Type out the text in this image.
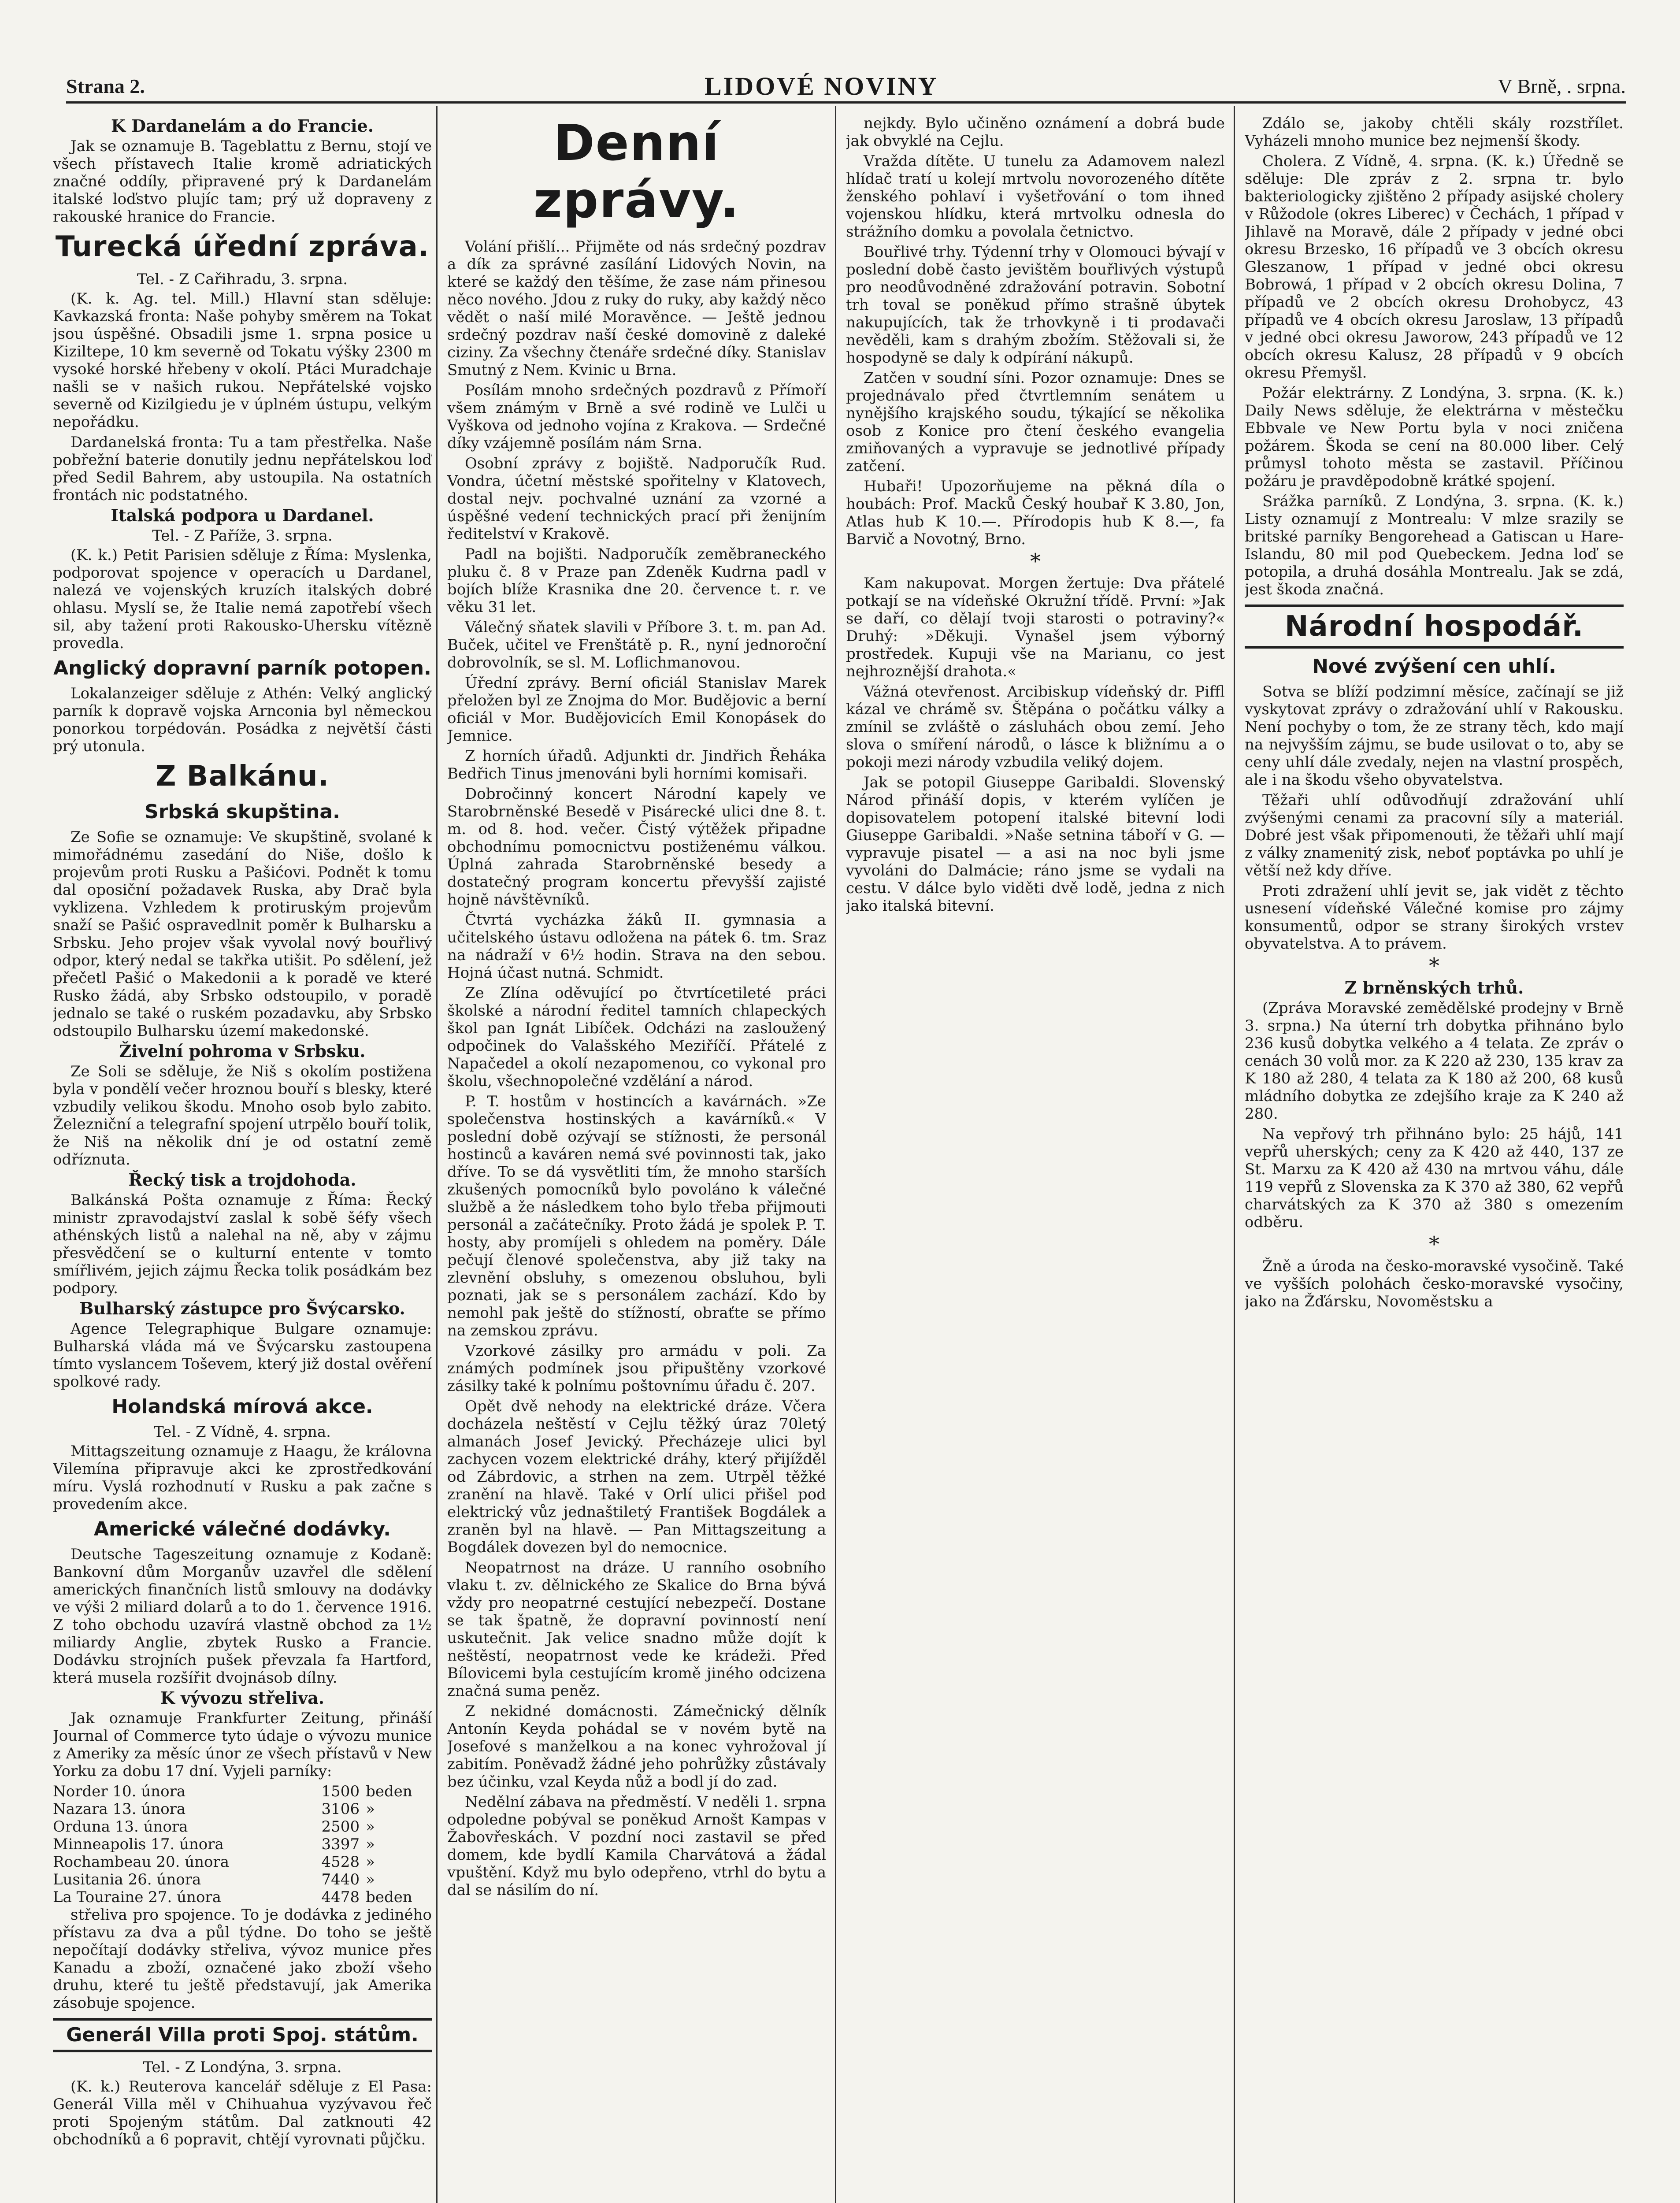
Strana 2.	LIDOVÉ NOVINY	V Brně, . srpna.
K Dardanelám a do Francie.

Jak se oznamuje B. Tageblattu z Bernu, stojí ve všech přístavech Italie kromě adriatických značné oddíly, připravené prý k Dardanelám italské loďstvo plujíc tam; prý už dopraveny z rakouské hranice do Francie.

Turecká úřední zpráva.
Tel. - Z Cařihradu, 3. srpna.

(K. k. Ag. tel. Mill.) Hlavní stan sděluje: Kavkazská fronta: Naše pohyby směrem na Tokat jsou úspěšné. Obsadili jsme 1. srpna posice u Kiziltepe, 10 km severně od Tokatu výšky 2300 m vysoké horské hřebeny v okolí. Ptáci Muradchaje našli se v našich rukou. Nepřátelské vojsko severně od Kizilgiedu je v úplném ústupu, velkým nepořádku.

Dardanelská fronta: Tu a tam přestřelka. Naše pobřežní baterie donutily jednu nepřátelskou loď před Sedil Bahrem, aby ustoupila. Na ostatních frontách nic podstatného.

Italská podpora u Dardanel.
Tel. - Z Paříže, 3. srpna.

(K. k.) Petit Parisien sděluje z Říma: Myslenka, podporovat spojence v operacích u Dardanel, nalezá ve vojenských kruzích italských dobré ohlasu. Myslí se, že Italie nemá zapotřebí všech sil, aby tažení proti Rakousko-Uhersku vítězně provedla.

Anglický dopravní parník potopen.

Lokalanzeiger sděluje z Athén: Velký anglický parník k dopravě vojska Arnconia byl německou ponorkou torpédován. Posádka z největší části prý utonula.

Z Balkánu.
Srbská skupština.

Ze Sofie se oznamuje: Ve skupštině, svolané k mimořádnému zasedání do Niše, došlo k projevům proti Rusku a Pašićovi. Podnět k tomu dal oposiční požadavek Ruska, aby Drač byla vyklizena. Vzhledem k protiruským projevům snaží se Pašić ospravedlnit poměr k Bulharsku a Srbsku. Jeho projev však vyvolal nový bouřlivý odpor, který nedal se takřka utišit. Po sdělení, jež přečetl Pašić o Makedonii a k poradě ve které Rusko žádá, aby Srbsko odstoupilo, v poradě jednalo se také o ruském pozadavku, aby Srbsko odstoupilo Bulharsku území makedonské.

Živelní pohroma v Srbsku.

Ze Soli se sděluje, že Niš s okolím postižena byla v pondělí večer hroznou bouří s blesky, které vzbudily velikou škodu. Mnoho osob bylo zabito. Železniční a telegrafní spojení utrpělo bouří tolik, že Niš na několik dní je od ostatní země odříznuta.

Řecký tisk a trojdohoda.

Balkánská Pošta oznamuje z Říma: Řecký ministr zpravodajství zaslal k sobě šéfy všech athénských listů a nalehal na ně, aby v zájmu přesvědčení se o kulturní entente v tomto smířlivém, jejich zájmu Řecka tolik posádkám bez podpory.

Bulharský zástupce pro Švýcarsko.

Agence Telegraphique Bulgare oznamuje: Bulharská vláda má ve Švýcarsku zastoupena tímto vyslancem Toševem, který již dostal ověření spolkové rady.

Holandská mírová akce.
Tel. - Z Vídně, 4. srpna.

Mittagszeitung oznamuje z Haagu, že královna Vilemína připravuje akci ke zprostředkování míru. Vyslá rozhodnutí v Rusku a pak začne s provedením akce.

Americké válečné dodávky.

Deutsche Tageszeitung oznamuje z Kodaně: Bankovní dům Morganův uzavřel dle sdělení amerických finančních listů smlouvy na dodávky ve výši 2 miliard dolarů a to do 1. července 1916. Z toho obchodu uzavírá vlastně obchod za 1½ miliardy Anglie, zbytek Rusko a Francie. Dodávku strojních pušek převzala fa Hartford, která musela rozšířit dvojnásob dílny.

K vývozu střeliva.

Jak oznamuje Frankfurter Zeitung, přináší Journal of Commerce tyto údaje o vývozu munice z Ameriky za měsíc únor ze všech přístavů v New Yorku za dobu 17 dní. Vyjeli parníky:

Norder 10. února	1500	beden
Nazara 13. února	3106	»
Orduna 13. února	2500	»
Minneapolis 17. února	3397	»
Rochambeau 20. února	4528	»
Lusitania 26. února	7440	»
La Touraine 27. února	4478	beden

střeliva pro spojence. To je dodávka z jediného přístavu za dva a půl týdne. Do toho se ještě nepočítají dodávky střeliva, vývoz munice přes Kanadu a zboží, označené jako zboží všeho druhu, které tu ještě představují, jak Amerika zásobuje spojence.

Generál Villa proti Spoj. státům.
Tel. - Z Londýna, 3. srpna.

(K. k.) Reuterova kancelář sděluje z El Pasa: Generál Villa měl v Chihuahua vyzývavou řeč proti Spojeným státům. Dal zatknouti 42 obchodníků a 6 popravit, chtějí vyrovnati půjčku.

Denní zprávy.

Volání přišlí... Přijměte od nás srdečný pozdrav a dík za správné zasílání Lidových Novin, na které se každý den těšíme, že zase nám přinesou něco nového. Jdou z ruky do ruky, aby každý něco vědět o naší milé Moravěnce. — Ještě jednou srdečný pozdrav naší české domovině z daleké ciziny. Za všechny čtenáře srdečné díky. Stanislav Smutný z Nem. Kvinic u Brna.

Posílám mnoho srdečných pozdravů z Přímoří všem známým v Brně a své rodině ve Lulči u Vyškova od jednoho vojína z Krakova. — Srdečné díky vzájemně posílám nám Srna.

Osobní zprávy z bojiště. Nadporučík Rud. Vondra, účetní městské spořitelny v Klatovech, dostal nejv. pochvalné uznání za vzorné a úspěšné vedení technických prací při ženijním ředitelství v Krakově.

Padl na bojišti. Nadporučík zeměbraneckého pluku č. 8 v Praze pan Zdeněk Kudrna padl v bojích blíže Krasnika dne 20. července t. r. ve věku 31 let.

Válečný sňatek slavili v Příbore 3. t. m. pan Ad. Buček, učitel ve Frenštátě p. R., nyní jednoroční dobrovolník, se sl. M. Loflichmanovou.

Úřední zprávy. Berní oficiál Stanislav Marek přeložen byl ze Znojma do Mor. Budějovic a berní oficiál v Mor. Budějovicích Emil Konopásek do Jemnice.

Z horních úřadů. Adjunkti dr. Jindřich Řeháka Bedřich Tinus jmenováni byli horními komisaři.

Dobročinný koncert Národní kapely ve Starobrněnské Besedě v Pisárecké ulici dne 8. t. m. od 8. hod. večer. Čistý výtěžek připadne obchodnímu pomocnictvu postiženému válkou. Úplná zahrada Starobrněnské besedy a dostatečný program koncertu převyšší zajisté hojně návštěvníků.

Čtvrtá vycházka žáků II. gymnasia a učitelského ústavu odložena na pátek 6. tm. Sraz na nádraží v 6½ hodin. Strava na den sebou. Hojná účast nutná. Schmidt.

Ze Zlína oděvující po čtvrtícetileté práci školské a národní ředitel tamních chlapeckých škol pan Ignát Libíček. Odcházi na zasloužený odpočinek do Valašského Meziříčí. Přátelé z Napačedel a okolí nezapomenou, co vykonal pro školu, všechnopolečné vzdělání a národ.

P. T. hostům v hostincích a kavárnách. »Ze společenstva hostinských a kavárníků.« V poslední době ozývají se stížnosti, že personál hostinců a kaváren nemá své povinnosti tak, jako dříve. To se dá vysvětliti tím, že mnoho starších zkušených pomocníků bylo povoláno k válečné službě a že následkem toho bylo třeba přijmouti personál a začátečníky. Proto žádá je spolek P. T. hosty, aby promíjeli s ohledem na poměry. Dále pečují členové společenstva, aby již taky na zlevnění obsluhy, s omezenou obsluhou, byli poznati, jak se s personálem zachází. Kdo by nemohl pak ještě do stížností, obraťte se přímo na zemskou zprávu.

Vzorkové zásilky pro armádu v poli. Za známých podmínek jsou připuštěny vzorkové zásilky také k polnímu poštovnímu úřadu č. 207.

Opět dvě nehody na elektrické dráze. Včera docházela neštěstí v Cejlu těžký úraz 70letý almanách Josef Jevický. Přecházeje ulici byl zachycen vozem elektrické dráhy, který přijížděl od Zábrdovic, a strhen na zem. Utrpěl těžké zranění na hlavě. Také v Orlí ulici přišel pod elektrický vůz jednaštiletý František Bogdálek a zraněn byl na hlavě. — Pan Mittagszeitung a Bogdálek dovezen byl do nemocnice.

Neopatrnost na dráze. U ranního osobního vlaku t. zv. dělnického ze Skalice do Brna bývá vždy pro neopatrné cestující nebezpečí. Dostane se tak špatně, že dopravní povinností není uskutečnit. Jak velice snadno může dojít k neštěstí, neopatrnost vede ke krádeži. Před Bílovicemi byla cestujícím kromě jiného odcizena značná suma peněz.

Z nekidné domácnosti. Zámečnický dělník Antonín Keyda pohádal se v novém bytě na Josefové s manželkou a na konec vyhrožoval jí zabitím. Poněvadž žádné jeho pohrůžky zůstávaly bez účinku, vzal Keyda nůž a bodl jí do zad.

Nedělní zábava na předměstí. V neděli 1. srpna odpoledne pobýval se poněkud Arnošt Kampas v Žabovřeskách. V pozdní noci zastavil se před domem, kde bydlí Kamila Charvátová a žádal vpuštění. Když mu bylo odepřeno, vtrhl do bytu a dal se násilím do ní.

nejkdy. Bylo učiněno oznámení a dobrá bude jak obvyklé na Cejlu.

Vražda dítěte. U tunelu za Adamovem nalezl hlídač tratí u kolejí mrtvolu novorozeného dítěte ženského pohlaví i vyšetřování o tom ihned vojenskou hlídku, která mrtvolku odnesla do strážního domku a povolala četnictvo.

Bouřlivé trhy. Týdenní trhy v Olomouci bývají v poslední době často jevištěm bouřlivých výstupů pro neodůvodněné zdražování potravin. Sobotní trh toval se poněkud přímo strašně úbytek nakupujících, tak že trhovkyně i ti prodavači nevěděli, kam s drahým zbožím. Stěžovali si, že hospodyně se daly k odpírání nákupů.

Zatčen v soudní síni. Pozor oznamuje: Dnes se projednávalo před čtvrtlemním senátem u nynějšího krajského soudu, týkající se několika osob z Konice pro čtení českého evangelia zmiňovaných a vypravuje se jednotlivé případy zatčení.

Hubaři! Upozorňujeme na pěkná díla o houbách: Prof. Macků Český houbař K 3.80, Jon, Atlas hub K 10.—. Přírodopis hub K 8.—, fa Barvič a Novotný, Brno.

*

Kam nakupovat. Morgen žertuje: Dva přátelé potkají se na vídeňské Okružní třídě. První: »Jak se daří, co dělají tvoji starosti o potraviny?« Druhý: »Děkuji. Vynašel jsem výborný prostředek. Kupuji vše na Marianu, co jest nejhroznější drahota.«

Vážná otevřenost. Arcibiskup vídeňský dr. Piffl kázal ve chrámě sv. Štěpána o počátku války a zmínil se zvláště o zásluhách obou zemí. Jeho slova o smíření národů, o lásce k bližnímu a o pokoji mezi národy vzbudila veliký dojem.

Jak se potopil Giuseppe Garibaldi. Slovenský Národ přináší dopis, v kterém vylíčen je dopisovatelem potopení italské bitevní lodi Giuseppe Garibaldi. »Naše setnina táboří v G. — vypravuje pisatel — a asi na noc byli jsme vyvoláni do Dalmácie; ráno jsme se vydali na cestu. V dálce bylo viděti dvě lodě, jedna z nich jako italská bitevní.

Zdálo se, jakoby chtěli skály rozstřílet. Vyházeli mnoho munice bez nejmenší škody.

Cholera. Z Vídně, 4. srpna. (K. k.) Úředně se sděluje: Dle zpráv z 2. srpna tr. bylo bakteriologicky zjištěno 2 případy asijské cholery v Růžodole (okres Liberec) v Čechách, 1 případ v Jihlavě na Moravě, dále 2 případy v jedné obci okresu Brzesko, 16 případů ve 3 obcích okresu Gleszanow, 1 případ v jedné obci okresu Bobrowá, 1 případ v 2 obcích okresu Dolina, 7 případů ve 2 obcích okresu Drohobycz, 43 případů ve 4 obcích okresu Jaroslaw, 13 případů v jedné obci okresu Jaworow, 243 případů ve 12 obcích okresu Kalusz, 28 případů v 9 obcích okresu Přemyšl.

Požár elektrárny. Z Londýna, 3. srpna. (K. k.) Daily News sděluje, že elektrárna v městečku Ebbvale ve New Portu byla v noci zničena požárem. Škoda se cení na 80.000 liber. Celý průmysl tohoto města se zastavil. Příčinou požáru je pravděpodobně krátké spojení.

Srážka parníků. Z Londýna, 3. srpna. (K. k.) Listy oznamují z Montrealu: V mlze srazily se britské parníky Bengorehead a Gatiscan u Hare-Islandu, 80 mil pod Quebeckem. Jedna loď se potopila, a druhá dosáhla Montrealu. Jak se zdá, jest škoda značná.

Národní hospodář.
Nové zvýšení cen uhlí.

Sotva se blíží podzimní měsíce, začínají se již vyskytovat zprávy o zdražování uhlí v Rakousku. Není pochyby o tom, že ze strany těch, kdo mají na nejvyšším zájmu, se bude usilovat o to, aby se ceny uhlí dále zvedaly, nejen na vlastní prospěch, ale i na škodu všeho obyvatelstva.

Těžaři uhlí odůvodňují zdražování uhlí zvýšenými cenami za pracovní síly a materiál. Dobré jest však připomenouti, že těžaři uhlí mají z války znamenitý zisk, neboť poptávka po uhlí je větší než kdy dříve.

Proti zdražení uhlí jevit se, jak vidět z těchto usnesení vídeňské Válečné komise pro zájmy konsumentů, odpor se strany širokých vrstev obyvatelstva. A to právem.

*
Z brněnských trhů.

(Zpráva Moravské zemědělské prodejny v Brně 3. srpna.) Na úterní trh dobytka přihnáno bylo 236 kusů dobytka velkého a 4 telata. Ze zpráv o cenách 30 volů mor. za K 220 až 230, 135 krav za K 180 až 280, 4 telata za K 180 až 200, 68 kusů mládního dobytka ze zdejšího kraje za K 240 až 280.

Na vepřový trh přihnáno bylo: 25 hájů, 141 vepřů uherských; ceny za K 420 až 440, 137 ze St. Marxu za K 420 až 430 na mrtvou váhu, dále 119 vepřů z Slovenska za K 370 až 380, 62 vepřů charvátských za K 370 až 380 s omezením odběru.

*

Žně a úroda na česko-moravské vysočině. Také ve vyšších polohách česko-moravské vysočiny, jako na Žďársku, Novoměstsku a
